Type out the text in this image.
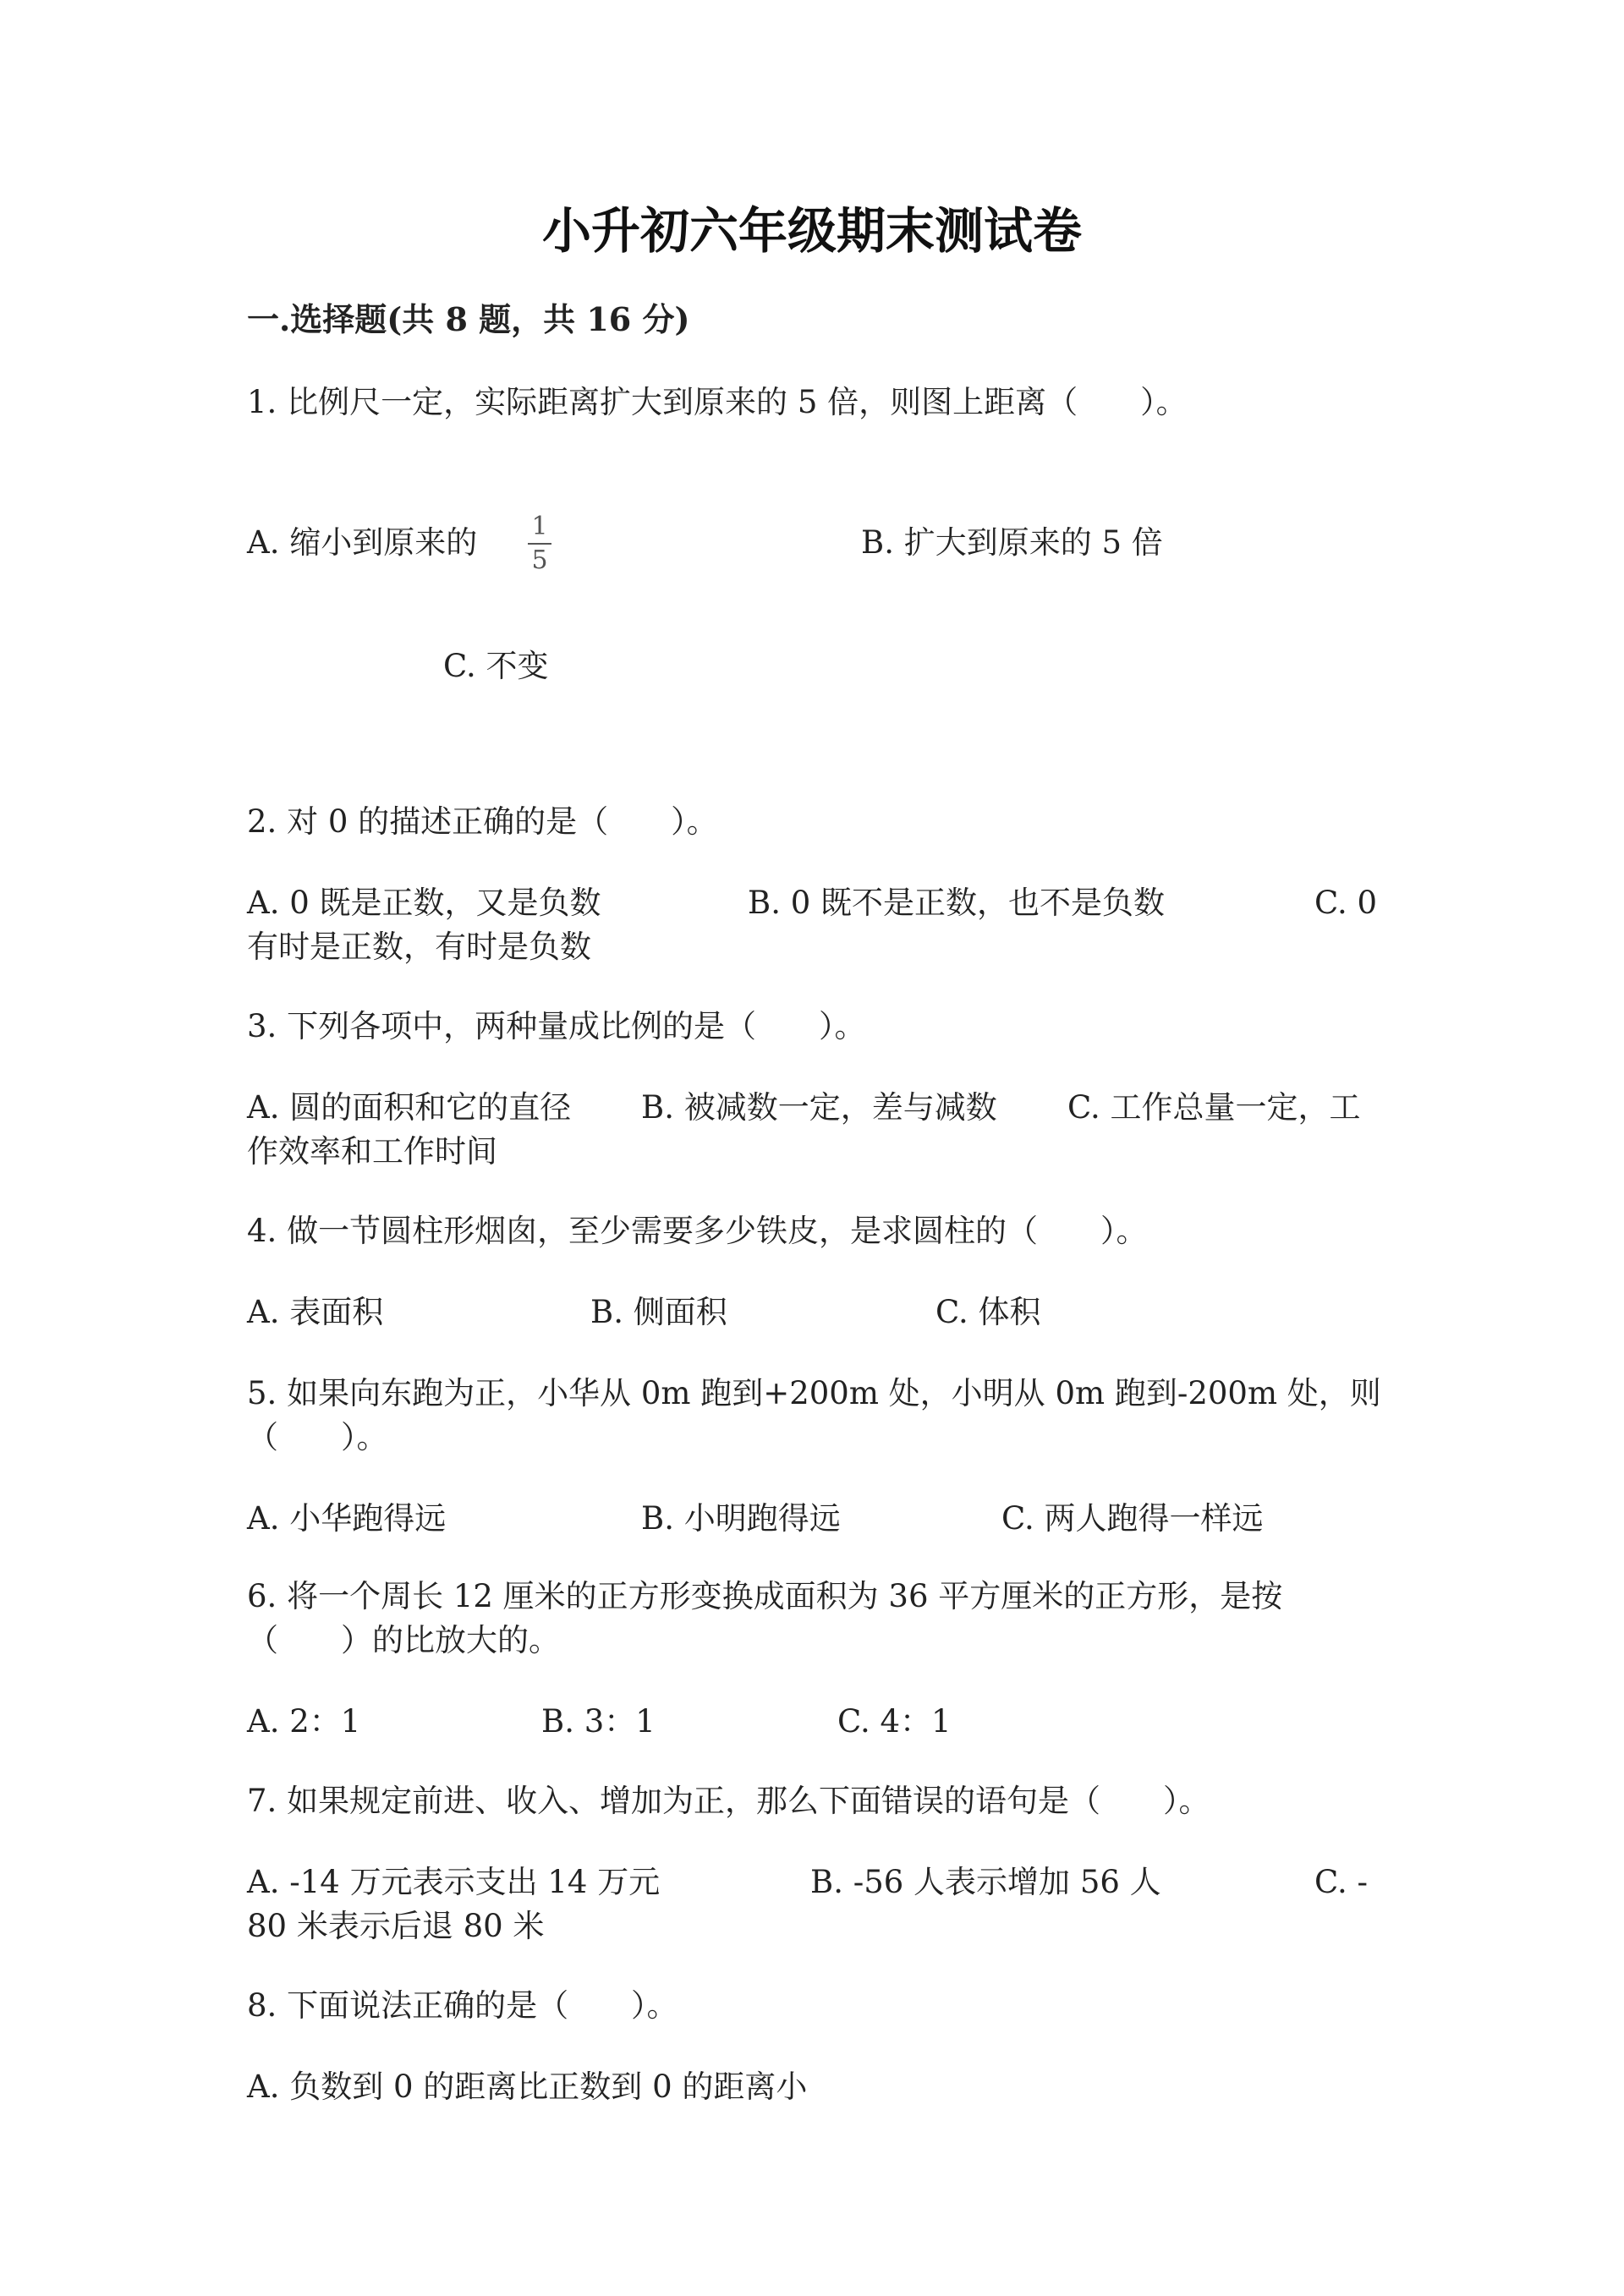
小升初六年级期末测试卷
一.选择题(共 8 题，共 16 分)
1. 比例尺一定，实际距离扩大到原来的 5 倍，则图上距离（　　）。
A. 缩小到原来的 1
5	B. 扩大到原来的 5 倍
C. 不变
2. 对 0 的描述正确的是（　　）。
A. 0 既是正数，又是负数	B. 0 既不是正数，也不是负数	C. 0
有时是正数，有时是负数
3. 下列各项中，两种量成比例的是（　　）。
A. 圆的面积和它的直径 B. 被减数一定，差与减数 C. 工作总量一定，工
作效率和工作时间
4. 做一节圆柱形烟囱，至少需要多少铁皮，是求圆柱的（　　）。
A. 表面积	B. 侧面积	C. 体积
5. 如果向东跑为正，小华从 0m 跑到+200m 处，小明从 0m 跑到-200m 处，则
（　　）。
A. 小华跑得远	B. 小明跑得远	C. 两人跑得一样远
6. 将一个周长 12 厘米的正方形变换成面积为 36 平方厘米的正方形，是按
（　　）的比放大的。
A. 2：1	B. 3：1	C. 4：1
7. 如果规定前进、收入、增加为正，那么下面错误的语句是（　　）。
A. -14 万元表示支出 14 万元	B. -56 人表示增加 56 人	C. -
80 米表示后退 80 米
8. 下面说法正确的是（　　）。
A. 负数到 0 的距离比正数到 0 的距离小
